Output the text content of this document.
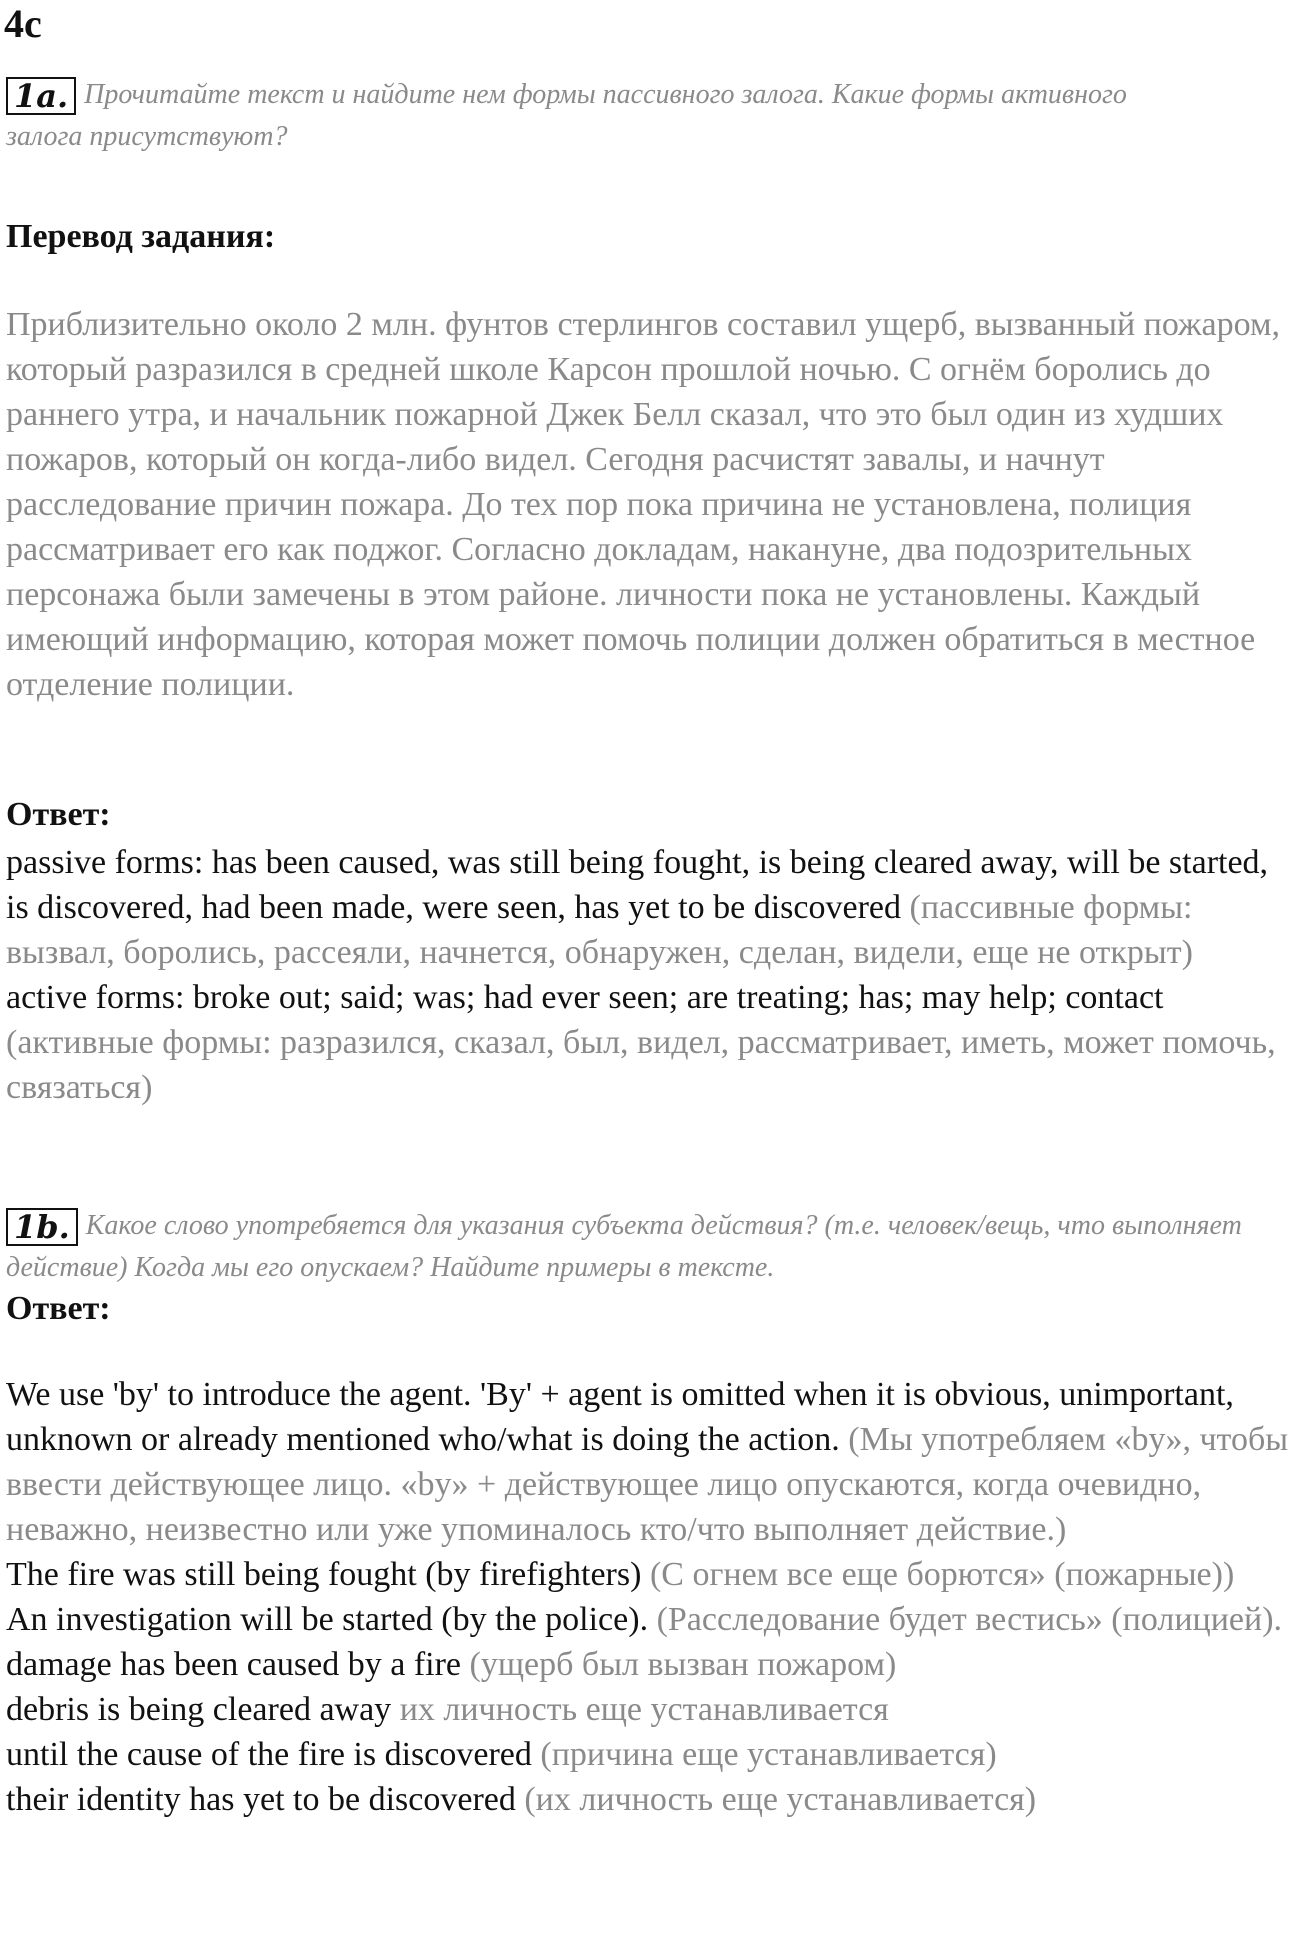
4c
1a. Прочитайте текст и найдите нем формы пассивного залога. Какие формы активного залога присутствуют?
Перевод задания:
Приблизительно около 2 млн. фунтов стерлингов составил ущерб, вызванный пожаром, который разразился в средней школе Карсон прошлой ночью. С огнём боролись до раннего утра, и начальник пожарной Джек Белл сказал, что это был один из худших пожаров, который он когда-либо видел. Сегодня расчистят завалы, и начнут расследование причин пожара. До тех пор пока причина не установлена, полиция рассматривает его как поджог. Согласно докладам, накануне, два подозрительных персонажа были замечены в этом районе. личности пока не установлены. Каждый имеющий информацию, которая может помочь полиции должен обратиться в местное отделение полиции.
Ответ:

passive forms: has been caused, was still being fought, is being cleared away, will be started, is discovered, had been made, were seen, has yet to be discovered (пассивные формы: вызвал, боролись, рассеяли, начнется, обнаружен, сделан, видели, еще не открыт)

active forms: broke out; said; was; had ever seen; are treating; has; may help; contact (активные формы: разразился, сказал, был, видел, рассматривает, иметь, может помочь, связаться)

1b. Какое слово употребяется для указания субъекта действия? (т.е. человек/вещь, что выполняет действие) Когда мы его опускаем? Найдите примеры в тексте.
Ответ:

We use 'by' to introduce the agent. 'By' + agent is omitted when it is obvious, unimportant, unknown or already mentioned who/what is doing the action. (Мы употребляем «by», чтобы ввести действующее лицо. «by» + действующее лицо опускаются, когда очевидно, неважно, неизвестно или уже упоминалось кто/что выполняет действие.)

The fire was still being fought (by firefighters) (С огнем все еще борются» (пожарные))

An investigation will be started (by the police). (Расследование будет вестись» (полицией).

damage has been caused by a fire (ущерб был вызван пожаром)

debris is being cleared away их личность еще устанавливается

until the cause of the fire is discovered (причина еще устанавливается)

their identity has yet to be discovered (их личность еще устанавливается)
